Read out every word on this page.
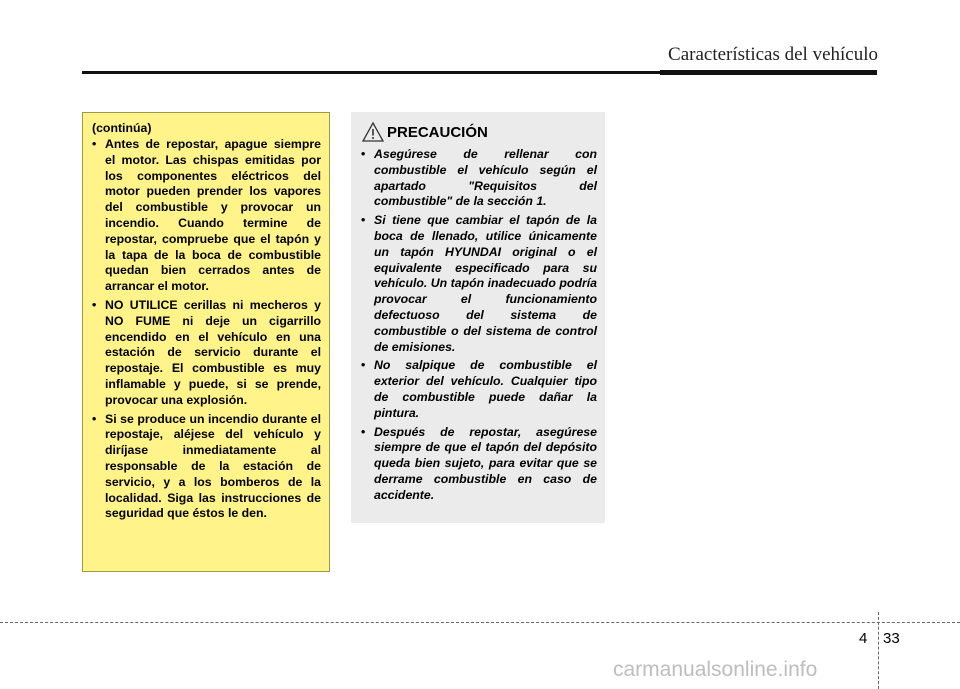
Características del vehículo
(continúa)
• Antes de repostar, apague siempre el motor. Las chispas emitidas por los componentes eléctricos del motor pueden prender los vapores del combustible y provocar un incendio. Cuando termine de repostar, compruebe que el tapón y la tapa de la boca de combustible quedan bien cerrados antes de arrancar el motor.
• NO UTILICE cerillas ni mecheros y NO FUME ni deje un cigarrillo encendido en el vehículo en una estación de servicio durante el repostaje. El combustible es muy inflamable y puede, si se prende, provocar una explosión.
• Si se produce un incendio durante el repostaje, aléjese del vehículo y diríjase inmediatamente al responsable de la estación de servicio, y a los bomberos de la localidad. Siga las instrucciones de seguridad que éstos le den.
PRECAUCIÓN
• Asegúrese de rellenar con combustible el vehículo según el apartado "Requisitos del combustible" de la sección 1.
• Si tiene que cambiar el tapón de la boca de llenado, utilice únicamente un tapón HYUNDAI original o el equivalente especificado para su vehículo. Un tapón inadecuado podría provocar el funcionamiento defectuoso del sistema de combustible o del sistema de control de emisiones.
• No salpique de combustible el exterior del vehículo. Cualquier tipo de combustible puede dañar la pintura.
• Después de repostar, asegúrese siempre de que el tapón del depósito queda bien sujeto, para evitar que se derrame combustible en caso de accidente.
4 33
carmanualsonline.info
